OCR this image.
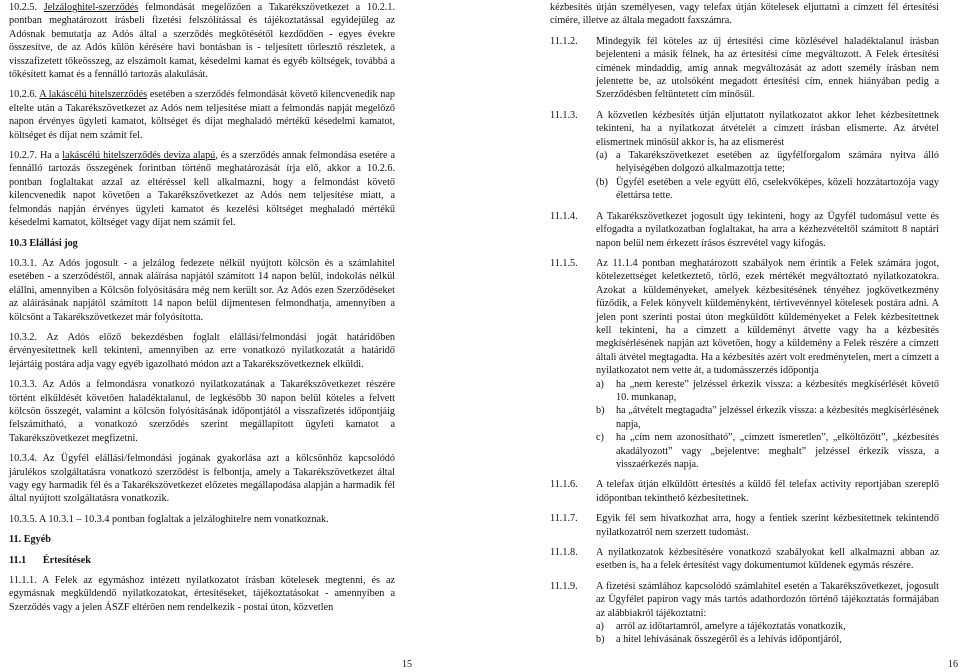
10.2.5. Jelzáloghitel-szerződés felmondását megelőzően a Takarékszövetkezet a 10.2.1. pontban meghatározott írásbeli fizetési felszólítással és tájékoztatással egyidejűleg az Adósnak bemutatja az Adós által a szerződés megkötésétől kezdődően - egyes évekre összesítve, de az Adós külön kérésére havi bontásban is - teljesített törlesztő részletek, a visszafizetett tőkeösszeg, az elszámolt kamat, késedelmi kamat és egyéb költségek, továbbá a tőkésített kamat és a fennálló tartozás alakulását.

10.2.6. A lakáscélú hitelszerződés esetében a szerződés felmondását követő kilencvenedik nap eltelte után a Takarékszövetkezet az Adós nem teljesítése miatt a felmondás napját megelőző napon érvényes ügyleti kamatot, költséget és díjat meghaladó mértékű késedelmi kamatot, költséget és díjat nem számít fel.

10.2.7. Ha a lakáscélú hitelszerződés deviza alapú, és a szerződés annak felmondása esetére a fennálló tartozás összegének forintban történő meghatározását írja elő, akkor a 10.2.6. pontban foglaltakat azzal az eltéréssel kell alkalmazni, hogy a felmondást követő kilencvenedik napot követően a Takarékszövetkezet az Adós nem teljesítése miatt, a felmondás napján érvényes ügyleti kamatot és kezelési költséget meghaladó mértékű késedelmi kamatot, költséget vagy díjat nem számít fel.

10.3 Elállási jog

10.3.1. Az Adós jogosult - a jelzálog fedezete nélkül nyújtott kölcsön és a számlahitel esetében - a szerződéstől, annak aláírása napjától számított 14 napon belül, indokolás nélkül elállni, amennyiben a Kölcsön folyósítására még nem került sor. Az Adós ezen Szerződéseket az aláírásának napjától számított 14 napon belül díjmentesen felmondhatja, amennyiben a kölcsönt a Takarékszövetkezet már folyósította.

10.3.2. Az Adós előző bekezdésben foglalt elállási/felmondási jogát határidőben érvényesítettnek kell tekinteni, amennyiben az erre vonatkozó nyilatkozatát a határidő lejártáig postára adja vagy egyéb igazolható módon azt a Takarékszövetkeznek elküldi.

10.3.3. Az Adós a felmondásra vonatkozó nyilatkozatának a Takarékszövetkezet részére történt elküldését követően haladéktalanul, de legkésőbb 30 napon belül köteles a felvett kölcsön összegét, valamint a kölcsön folyósításának időpontjától a visszafizetés időpontjáig felszámítható, a vonatkozó szerződés szerint megállapított ügyleti kamatot a Takarékszövetkezet megfizetni.

10.3.4. Az Ügyfél elállási/felmondási jogának gyakorlása azt a kölcsönhöz kapcsolódó járulékos szolgáltatásra vonatkozó szerződést is felbontja, amely a Takarékszövetkezet által vagy egy harmadik fél és a Takarékszövetkezet előzetes megállapodása alapján a harmadik fél által nyújtott szolgáltatásra vonatkozik.

10.3.5. A 10.3.1 – 10.3.4 pontban foglaltak a jelzáloghitelre nem vonatkoznak.

11. Egyéb
11.1 Értesítések

11.1.1. A Felek az egymáshoz intézett nyilatkozatot írásban kötelesek megtenni, és az egymásnak megküldendő nyilatkozatokat, értesítéseket, tájékoztatásokat - amennyiben a Szerződés vagy a jelen ÁSZF eltérően nem rendelkezik - postai úton, közvetlen

15

kézbesítés útján személyesen, vagy telefax útján kötelesek eljuttatni a címzett fél értesítési címére, illetve az általa megadott faxszámra.

11.1.2.	Mindegyik fél köteles az új értesítési címe közlésével haladéktalanul írásban bejelenteni a másik félnek, ha az értesítési címe megváltozott. A Felek értesítési címének mindaddig, amíg annak megváltozását az adott személy írásban nem jelentette be, az utolsóként megadott értesítési cím, ennek hiányában pedig a Szerződésben feltüntetett cím minősül.

11.1.3.	A közvetlen kézbesítés útján eljuttatott nyilatkozatot akkor lehet kézbesítettnek tekinteni, ha a nyilatkozat átvételét a címzett írásban elismerte. Az átvétel elismertnek minősül akkor is, ha az elismerést

(a) a Takarékszövetkezet esetében az ügyfélforgalom számára nyitva álló helyiségében dolgozó alkalmazottja tette;
(b) Ügyfél esetében a vele együtt élő, cselekvőképes, közeli hozzátartozója vagy élettársa tette.
11.1.4.	A Takarékszövetkezet jogosult úgy tekinteni, hogy az Ügyfél tudomásul vette és elfogadta a nyilatkozatban foglaltakat, ha arra a kézhezvételtől számított 8 naptári napon belül nem érkezett írásos észrevétel vagy kifogás.

11.1.5.	Az 11.1.4 pontban meghatározott szabályok nem érintik a Felek számára jogot, kötelezettséget keletkeztető, törlő, ezek mértékét megváltoztató nyilatkozatokra. Azokat a küldeményeket, amelyek kézbesítésének tényéhez jogkövetkezmény fűződik, a Felek könyvelt küldeményként, tértivevénnyel kötelesek postára adni. A jelen pont szerinti postai úton megküldött küldeményeket a Felek kézbesítettnek kell tekinteni, ha a címzett a küldeményt átvette vagy ha a kézbesítés megkísérlésének napján azt követően, hogy a küldemény a Felek részére a címzett általi átvétel megtagadta. Ha a kézbesítés azért volt eredménytelen, mert a címzett a nyilatkozatot nem vette át, a tudomásszerzés időpontja

a)	ha „nem kereste” jelzéssel érkezik vissza: a kézbesítés megkísérlését követő 10. munkanap,
b)	ha „átvételt megtagadta” jelzéssel érkezik vissza: a kézbesítés megkísérlésének napja,
c)	ha „cím nem azonosítható”, „címzett ismeretlen”, „elköltözött”, „kézbesítés akadályozott” vagy „bejelentve: meghalt” jelzéssel érkezik vissza, a visszaérkezés napja.
11.1.6.	A telefax útján elküldött értesítés a küldő fél telefax activity reportjában szereplő időpontban tekinthető kézbesítettnek.

11.1.7.	Egyik fél sem hivatkozhat arra, hogy a fentiek szerint kézbesítettnek tekintendő nyilatkozatról nem szerzett tudomást.

11.1.8.	A nyilatkozatok kézbesítésére vonatkozó szabályokat kell alkalmazni abban az esetben is, ha a felek értesítést vagy dokumentumot küldenek egymás részére.

11.1.9.	A fizetési számlához kapcsolódó számlahitel esetén a Takarékszövetkezet, jogosult az Ügyfélet papíron vagy más tartós adathordozón történő tájékoztatás formájában az alábbiakról tájékoztatni:

a)	arról az időtartamról, amelyre a tájékoztatás vonatkozik,
b)	a hitel lehívásának összegéről és a lehívás időpontjáról,
16
